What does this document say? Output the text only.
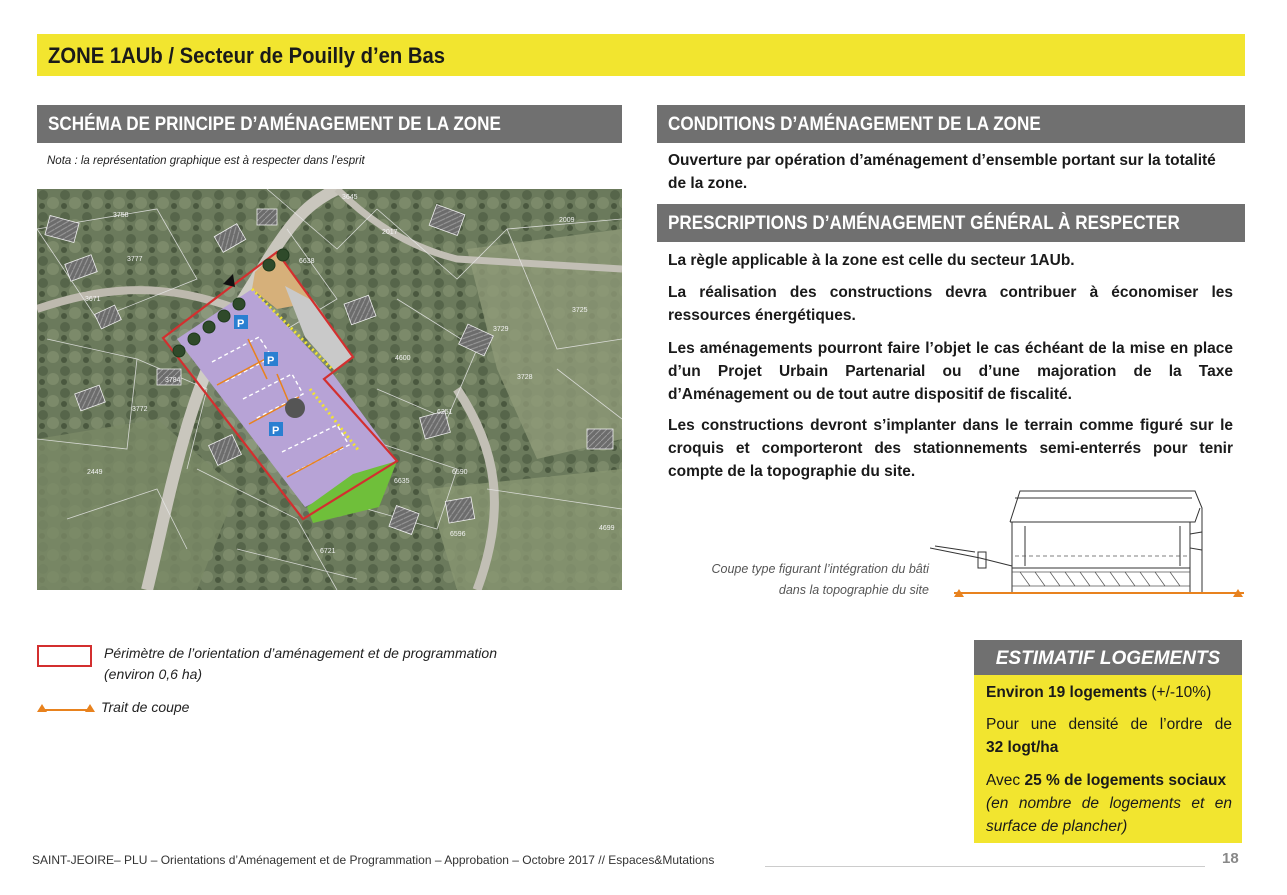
ZONE 1AUb / Secteur de Pouilly d’en Bas
SCHÉMA DE PRINCIPE D’AMÉNAGEMENT DE LA ZONE
Nota : la représentation graphique est à respecter dans l’esprit
3645
2017
2009
3777
3671
3725
3729
3728
6635
4699
6721
6596
4600
6251
6590
2449
3772
3784
6638
3758
P
P
P
Périmètre de l’orientation d’aménagement et de programmation
(environ 0,6 ha)
Trait de coupe
CONDITIONS D’AMÉNAGEMENT DE LA ZONE
Ouverture par opération d’aménagement d’ensemble portant sur la totalité
de la zone.
PRESCRIPTIONS D’AMÉNAGEMENT GÉNÉRAL À RESPECTER
La règle applicable à la zone est celle du secteur 1AUb.
La réalisation des constructions devra contribuer à économiser les
ressources énergétiques.
Les aménagements pourront faire l’objet le cas échéant de la mise en place
d’un Projet Urbain Partenarial ou d’une majoration de la Taxe
d’Aménagement ou de tout autre dispositif de fiscalité.
Les constructions devront s’implanter dans le terrain comme figuré sur le
croquis et comporteront des stationnements semi-enterrés pour tenir
compte de la topographie du site.
Coupe type figurant l’intégration du bâti
dans la topographie du site
ESTIMATIF LOGEMENTS
Environ 19 logements (+/-10%)
Pour une densité de l’ordre de
32 logt/ha
Avec 25 % de logements sociaux
(en nombre de logements et en
surface de plancher)
SAINT-JEOIRE– PLU – Orientations d’Aménagement et de Programmation – Approbation – Octobre 2017 // Espaces&Mutations	18
